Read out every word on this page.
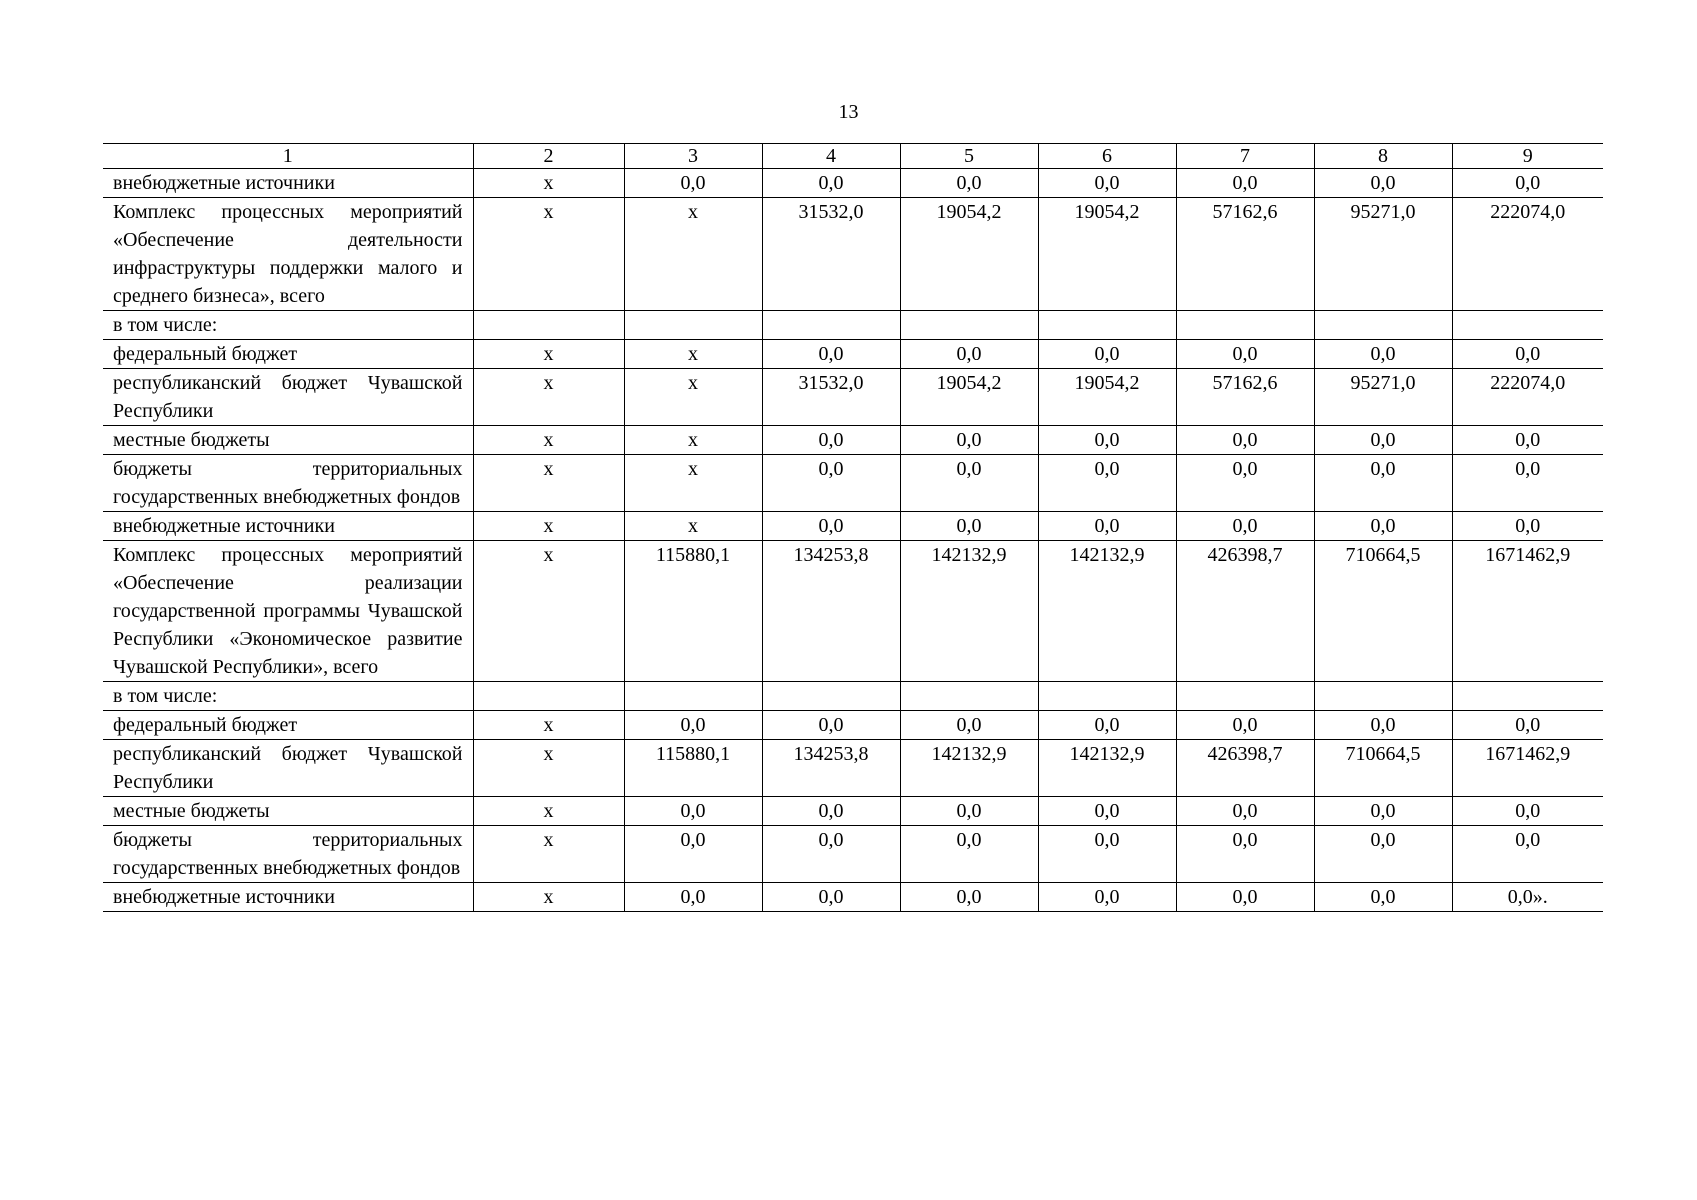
13
1	2	3	4	5	6	7	8	9
внебюджетные источники	x	0,0	0,0	0,0	0,0	0,0	0,0	0,0
Комплекс процессных мероприятий «Обеспечение деятельности инфраструктуры поддержки малого и среднего бизнеса», всего	x	x	31532,0	19054,2	19054,2	57162,6	95271,0	222074,0
в том числе:								
федеральный бюджет	x	x	0,0	0,0	0,0	0,0	0,0	0,0
республиканский бюджет Чувашской Республики	x	x	31532,0	19054,2	19054,2	57162,6	95271,0	222074,0
местные бюджеты	x	x	0,0	0,0	0,0	0,0	0,0	0,0
бюджеты территориальных государственных внебюджетных фондов	x	x	0,0	0,0	0,0	0,0	0,0	0,0
внебюджетные источники	x	x	0,0	0,0	0,0	0,0	0,0	0,0
Комплекс процессных мероприятий «Обеспечение реализации государственной программы Чувашской Республики «Экономическое развитие Чувашской Республики», всего	x	115880,1	134253,8	142132,9	142132,9	426398,7	710664,5	1671462,9
в том числе:								
федеральный бюджет	x	0,0	0,0	0,0	0,0	0,0	0,0	0,0
республиканский бюджет Чувашской Республики	x	115880,1	134253,8	142132,9	142132,9	426398,7	710664,5	1671462,9
местные бюджеты	x	0,0	0,0	0,0	0,0	0,0	0,0	0,0
бюджеты территориальных государственных внебюджетных фондов	x	0,0	0,0	0,0	0,0	0,0	0,0	0,0
внебюджетные источники	x	0,0	0,0	0,0	0,0	0,0	0,0	0,0».
